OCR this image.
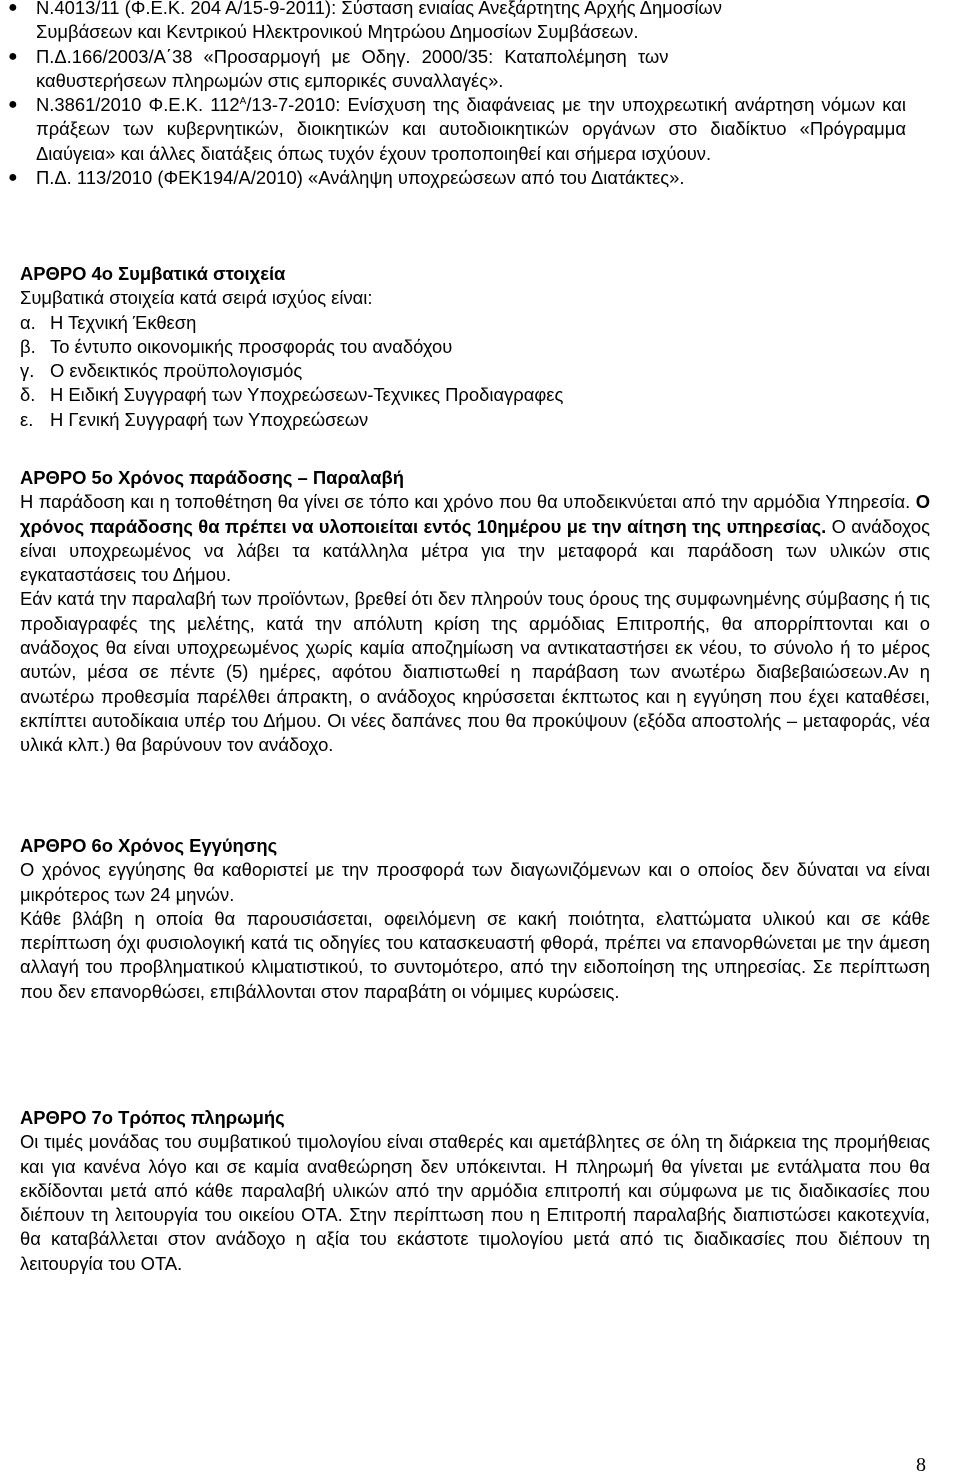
● Ν.4013/11 (Φ.Ε.Κ. 204 Α/15-9-2011): Σύσταση ενιαίας Ανεξάρτητης Αρχής Δημοσίων
Συμβάσεων και Κεντρικού Ηλεκτρονικού Μητρώου Δημοσίων Συμβάσεων.
● Π.Δ.166/2003/Α΄38 «Προσαρμογή με Οδηγ. 2000/35: Καταπολέμηση των
καθυστερήσεων πληρωμών στις εμπορικές συναλλαγές».
● Ν.3861/2010 Φ.Ε.Κ. $112^A/13-7-2010$: Ενίσχυση της διαφάνειας με την υποχρεωτική ανάρτηση νόμων και πράξεων των κυβερνητικών, διοικητικών και αυτοδιοικητικών οργάνων στο διαδίκτυο «Πρόγραμμα Διαύγεια» και άλλες διατάξεις όπως τυχόν έχουν τροποποιηθεί και σήμερα ισχύουν.
● Π.Δ. 113/2010 (ΦΕΚ194/Α/2010) «Ανάληψη υποχρεώσεων από του Διατάκτες».

ΑΡΘΡΟ 4ο Συμβατικά στοιχεία

Συμβατικά στοιχεία κατά σειρά ισχύος είναι:

α. Η Τεχνική Έκθεση

β. Το έντυπο οικονομικής προσφοράς του αναδόχου

γ. Ο ενδεικτικός προϋπολογισμός

δ. Η Ειδική Συγγραφή των Υποχρεώσεων-Τεχνικες Προδιαγραφες

ε. Η Γενική Συγγραφή των Υποχρεώσεων

ΑΡΘΡΟ 5ο Χρόνος παράδοσης – Παραλαβή

Η παράδοση και η τοποθέτηση θα γίνει σε τόπο και χρόνο που θα υποδεικνύεται από την αρμόδια Υπηρεσία. Ο χρόνος παράδοσης θα πρέπει να υλοποιείται εντός 10ημέρου με την αίτηση της υπηρεσίας. Ο ανάδοχος είναι υποχρεωμένος να λάβει τα κατάλληλα μέτρα για την μεταφορά και παράδοση των υλικών στις εγκαταστάσεις του Δήμου.

Εάν κατά την παραλαβή των προϊόντων, βρεθεί ότι δεν πληρούν τους όρους της συμφωνημένης σύμβασης ή τις προδιαγραφές της μελέτης, κατά την απόλυτη κρίση της αρμόδιας Επιτροπής, θα απορρίπτονται και ο ανάδοχος θα είναι υποχρεωμένος χωρίς καμία αποζημίωση να αντικαταστήσει εκ νέου, το σύνολο ή το μέρος αυτών, μέσα σε πέντε (5) ημέρες, αφότου διαπιστωθεί η παράβαση των ανωτέρω διαβεβαιώσεων.Αν η ανωτέρω προθεσμία παρέλθει άπρακτη, ο ανάδοχος κηρύσσεται έκπτωτος και η εγγύηση πoυ έχει καταθέσει, εκπίπτει αυτοδίκαια υπέρ του Δήμου. Οι νέες δαπάνες που θα προκύψουν (εξόδα αποστολής – μεταφοράς, νέα υλικά κλπ.) θα βαρύνουν τον ανάδοχο.

ΑΡΘΡΟ 6ο Χρόνος Εγγύησης

Ο χρόνος εγγύησης θα καθοριστεί με την προσφορά των διαγωνιζόμενων και ο οποίος δεν δύναται να είναι μικρότερος των 24 μηνών.

Κάθε βλάβη η οποία θα παρουσιάσεται, οφειλόμενη σε κακή ποιότητα, ελαττώματα υλικού και σε κάθε περίπτωση όχι φυσιολογική κατά τις οδηγίες του κατασκευαστή φθορά, πρέπει να επανορθώνεται με την άμεση αλλαγή του προβληματικού κλιματιστικού, το συντομότερο, από την ειδοποίηση της υπηρεσίας. Σε περίπτωση που δεν επανορθώσει, επιβάλλονται στον παραβάτη οι νόμιμες κυρώσεις.

ΑΡΘΡΟ 7ο Τρόπος πληρωμής

Οι τιμές μονάδας του συμβατικού τιμολογίου είναι σταθερές και αμετάβλητες σε όλη τη διάρκεια της προμήθειας και για κανένα λόγο και σε καμία αναθεώρηση δεν υπόκεινται. Η πληρωμή θα γίνεται με εντάλματα που θα εκδίδονται μετά από κάθε παραλαβή υλικών από την αρμόδια επιτροπή και σύμφωνα με τις διαδικασίες που διέπουν τη λειτουργία του οικείου ΟΤΑ. Στην περίπτωση που η Επιτροπή παραλαβής διαπιστώσει κακοτεχνία, θα καταβάλλεται στον ανάδοχο η αξία του εκάστοτε τιμολογίου μετά από τις διαδικασίες που διέπουν τη λειτουργία του ΟΤΑ.

8
